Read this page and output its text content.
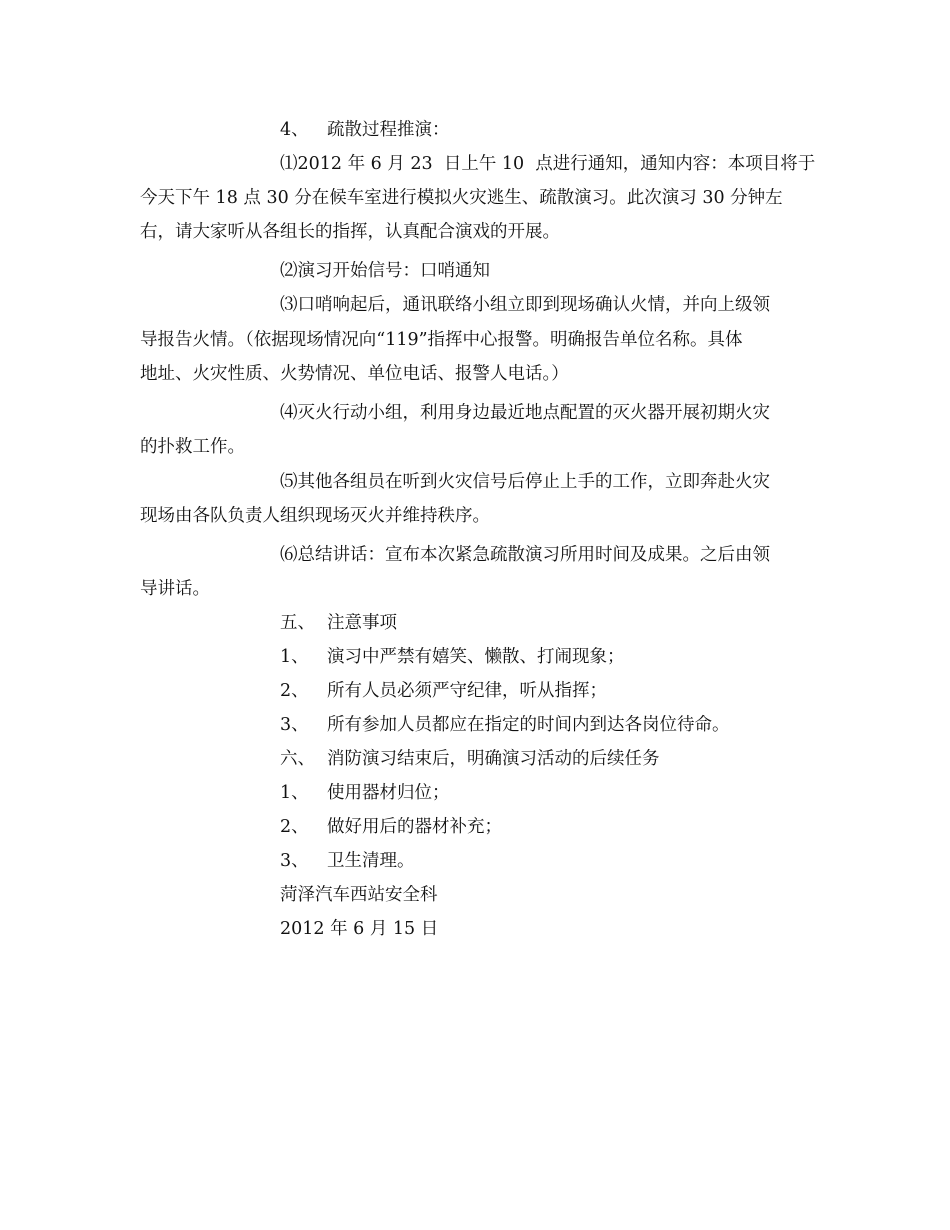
4、 疏散过程推演：

⑴2012 年 6 月 23  日上午 10  点进行通知，通知内容：本项目将于

今天下午 18 点 30 分在候车室进行模拟火灾逃生、疏散演习。此次演习 30 分钟左

右，请大家听从各组长的指挥，认真配合演戏的开展。

⑵演习开始信号：口哨通知

⑶口哨响起后，通讯联络小组立即到现场确认火情，并向上级领

导报告火情。（依据现场情况向“119”指挥中心报警。明确报告单位名称。具体

地址、火灾性质、火势情况、单位电话、报警人电话。）

⑷灭火行动小组，利用身边最近地点配置的灭火器开展初期火灾

的扑救工作。

⑸其他各组员在听到火灾信号后停止上手的工作，立即奔赴火灾

现场由各队负责人组织现场灭火并维持秩序。

⑹总结讲话：宣布本次紧急疏散演习所用时间及成果。之后由领

导讲话。

五、 注意事项

1、 演习中严禁有嬉笑、懒散、打闹现象；

2、 所有人员必须严守纪律，听从指挥；

3、 所有参加人员都应在指定的时间内到达各岗位待命。

六、 消防演习结束后，明确演习活动的后续任务

1、 使用器材归位；

2、 做好用后的器材补充；

3、 卫生清理。

菏泽汽车西站安全科

2012 年 6 月 15 日
